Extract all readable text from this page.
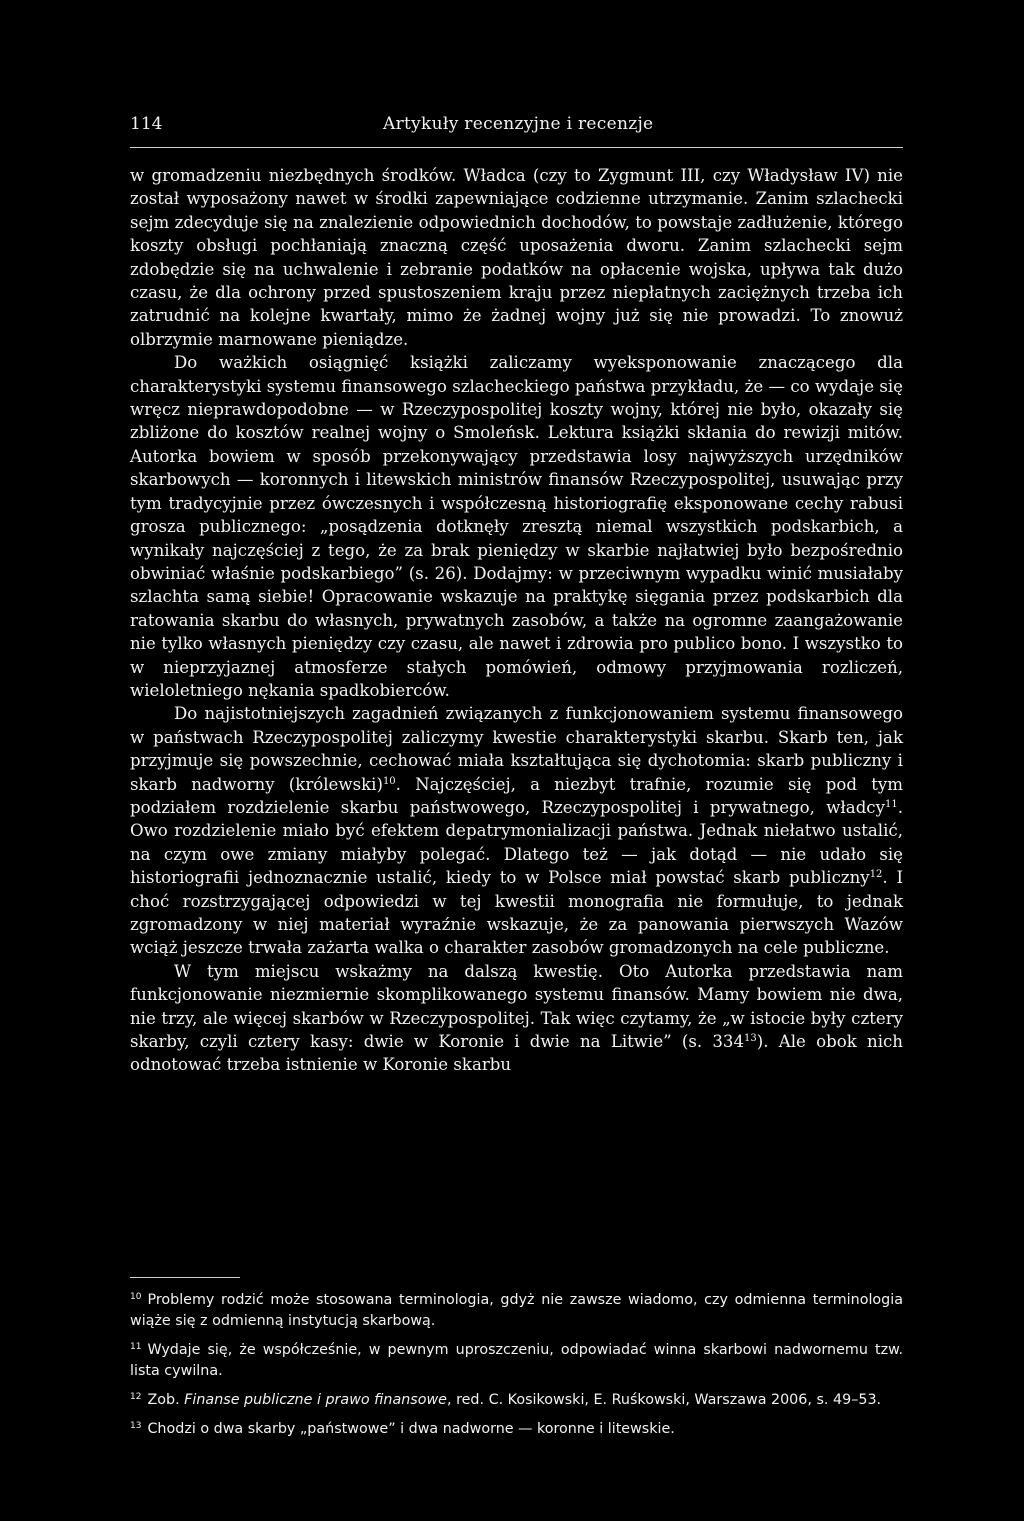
114	Artykuły recenzyjne i recenzje

w gromadzeniu niezbędnych środków. Władca (czy to Zygmunt III, czy Władysław IV) nie został wyposażony nawet w środki zapewniające codzienne utrzymanie. Zanim szlachecki sejm zdecyduje się na znalezienie odpowiednich dochodów, to powstaje zadłużenie, którego koszty obsługi pochłaniają znaczną część uposażenia dworu. Zanim szlachecki sejm zdobędzie się na uchwalenie i zebranie podatków na opłacenie wojska, upływa tak dużo czasu, że dla ochrony przed spustoszeniem kraju przez niepłatnych zaciężnych trzeba ich zatrudnić na kolejne kwartały, mimo że żadnej wojny już się nie prowadzi. To znowuż olbrzymie marnowane pieniądze.

Do ważkich osiągnięć książki zaliczamy wyeksponowanie znaczącego dla charakterystyki systemu finansowego szlacheckiego państwa przykładu, że — co wydaje się wręcz nieprawdopodobne — w Rzeczypospolitej koszty wojny, której nie było, okazały się zbliżone do kosztów realnej wojny o Smoleńsk. Lektura książki skłania do rewizji mitów. Autorka bowiem w sposób przekonywający przedstawia losy najwyższych urzędników skarbowych — koronnych i litewskich ministrów finansów Rzeczypospolitej, usuwając przy tym tradycyjnie przez ówczesnych i współczesną historiografię eksponowane cechy rabusi grosza publicznego: „posądzenia dotknęły zresztą niemal wszystkich podskarbich, a wynikały najczęściej z tego, że za brak pieniędzy w skarbie najłatwiej było bezpośrednio obwiniać właśnie podskarbiego” (s. 26). Dodajmy: w przeciwnym wypadku winić musiałaby szlachta samą siebie! Opracowanie wskazuje na praktykę sięgania przez podskarbich dla ratowania skarbu do własnych, prywatnych zasobów, a także na ogromne zaangażowanie nie tylko własnych pieniędzy czy czasu, ale nawet i zdrowia pro publico bono. I wszystko to w nieprzyjaznej atmosferze stałych pomówień, odmowy przyjmowania rozliczeń, wieloletniego nękania spadkobierców.

Do najistotniejszych zagadnień związanych z funkcjonowaniem systemu finansowego w państwach Rzeczypospolitej zaliczymy kwestie charakterystyki skarbu. Skarb ten, jak przyjmuje się powszechnie, cechować miała kształtująca się dychotomia: skarb publiczny i skarb nadworny (królewski)$^{10}$. Najczęściej, a niezbyt trafnie, rozumie się pod tym podziałem rozdzielenie skarbu państwowego, Rzeczypospolitej i prywatnego, władcy$^{11}$. Owo rozdzielenie miało być efektem depatrymonializacji państwa. Jednak niełatwo ustalić, na czym owe zmiany miałyby polegać. Dlatego też — jak dotąd — nie udało się historiografii jednoznacznie ustalić, kiedy to w Polsce miał powstać skarb publiczny$^{12}$. I choć rozstrzygającej odpowiedzi w tej kwestii monografia nie formułuje, to jednak zgromadzony w niej materiał wyraźnie wskazuje, że za panowania pierwszych Wazów wciąż jeszcze trwała zażarta walka o charakter zasobów gromadzonych na cele publiczne.

W tym miejscu wskażmy na dalszą kwestię. Oto Autorka przedstawia nam funkcjonowanie niezmiernie skomplikowanego systemu finansów. Mamy bowiem nie dwa, nie trzy, ale więcej skarbów w Rzeczypospolitej. Tak więc czytamy, że „w istocie były cztery skarby, czyli cztery kasy: dwie w Koronie i dwie na Litwie” (s. $334^{13}$). Ale obok nich odnotować trzeba istnienie w Koronie skarbu

$^{10}$ Problemy rodzić może stosowana terminologia, gdyż nie zawsze wiadomo, czy odmienna terminologia wiąże się z odmienną instytucją skarbową.

$^{11}$ Wydaje się, że współcześnie, w pewnym uproszczeniu, odpowiadać winna skarbowi nadwornemu tzw. lista cywilna.

$^{12}$ Zob. Finanse publiczne i prawo finansowe, red. C. Kosikowski, E. Ruśkowski, Warszawa 2006, s. 49–53.

$^{13}$ Chodzi o dwa skarby „państwowe” i dwa nadworne — koronne i litewskie.
